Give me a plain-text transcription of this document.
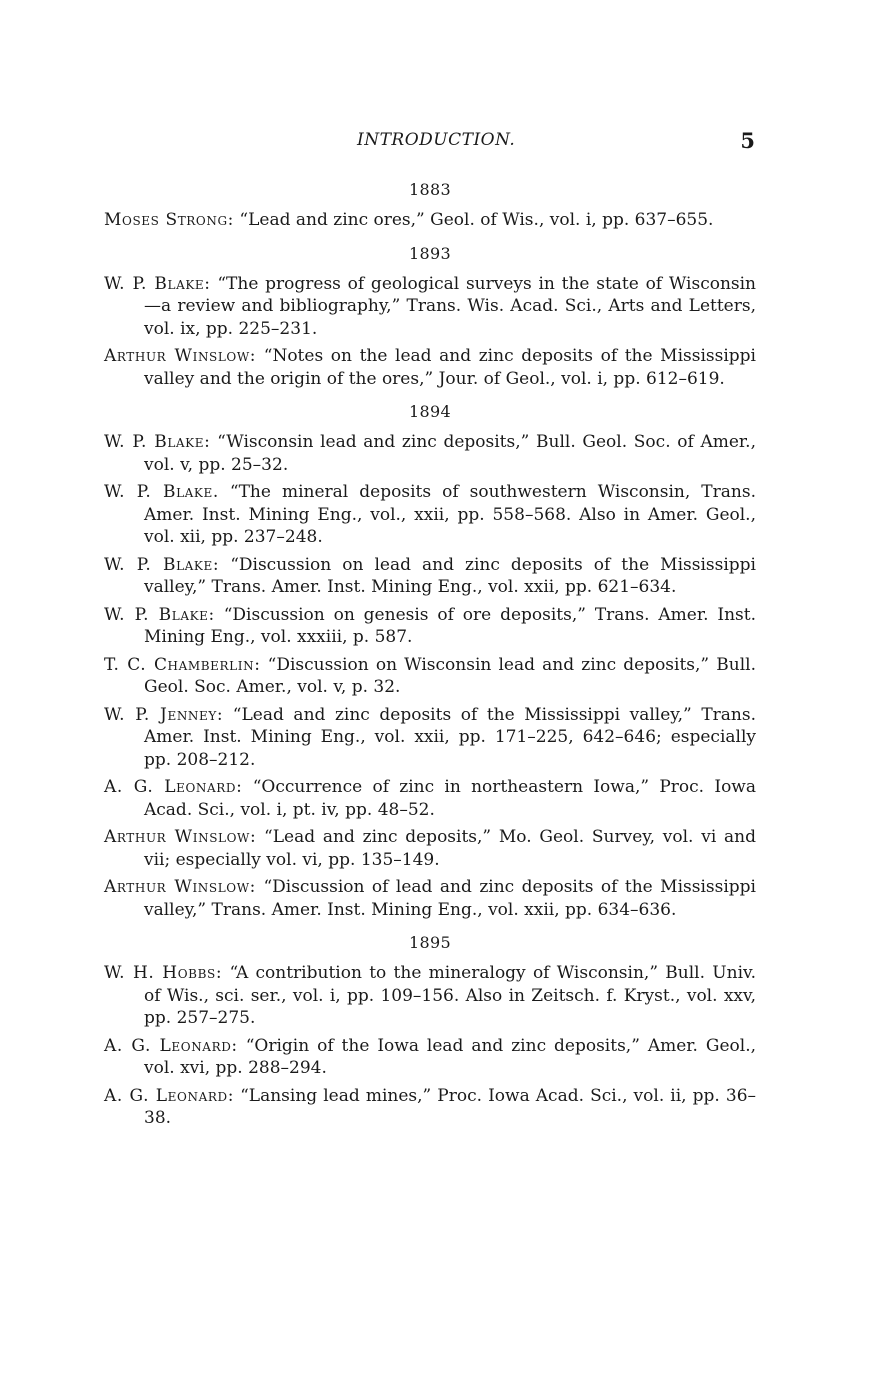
INTRODUCTION.	5
1883
Moses Strong: “Lead and zinc ores,” Geol. of Wis., vol. i, pp. 637–655.
1893
W. P. Blake: “The progress of geological surveys in the state of Wisconsin—a review and bibliography,” Trans. Wis. Acad. Sci., Arts and Letters, vol. ix, pp. 225–231.
Arthur Winslow: “Notes on the lead and zinc deposits of the Mississippi valley and the origin of the ores,” Jour. of Geol., vol. i, pp. 612–619.
1894
W. P. Blake: “Wisconsin lead and zinc deposits,” Bull. Geol. Soc. of Amer., vol. v, pp. 25–32.
W. P. Blake. “The mineral deposits of southwestern Wisconsin, Trans. Amer. Inst. Mining Eng., vol., xxii, pp. 558–568. Also in Amer. Geol., vol. xii, pp. 237–248.
W. P. Blake: “Discussion on lead and zinc deposits of the Mississippi valley,” Trans. Amer. Inst. Mining Eng., vol. xxii, pp. 621–634.
W. P. Blake: “Discussion on genesis of ore deposits,” Trans. Amer. Inst. Mining Eng., vol. xxxiii, p. 587.
T. C. Chamberlin: “Discussion on Wisconsin lead and zinc deposits,” Bull. Geol. Soc. Amer., vol. v, p. 32.
W. P. Jenney: “Lead and zinc deposits of the Mississippi valley,” Trans. Amer. Inst. Mining Eng., vol. xxii, pp. 171–225, 642–646; especially pp. 208–212.
A. G. Leonard: “Occurrence of zinc in northeastern Iowa,” Proc. Iowa Acad. Sci., vol. i, pt. iv, pp. 48–52.
Arthur Winslow: “Lead and zinc deposits,” Mo. Geol. Survey, vol. vi and vii; especially vol. vi, pp. 135–149.
Arthur Winslow: “Discussion of lead and zinc deposits of the Mississippi valley,” Trans. Amer. Inst. Mining Eng., vol. xxii, pp. 634–636.
1895
W. H. Hobbs: “A contribution to the mineralogy of Wisconsin,” Bull. Univ. of Wis., sci. ser., vol. i, pp. 109–156. Also in Zeitsch. f. Kryst., vol. xxv, pp. 257–275.
A. G. Leonard: “Origin of the Iowa lead and zinc deposits,” Amer. Geol., vol. xvi, pp. 288–294.
A. G. Leonard: “Lansing lead mines,” Proc. Iowa Acad. Sci., vol. ii, pp. 36–38.
